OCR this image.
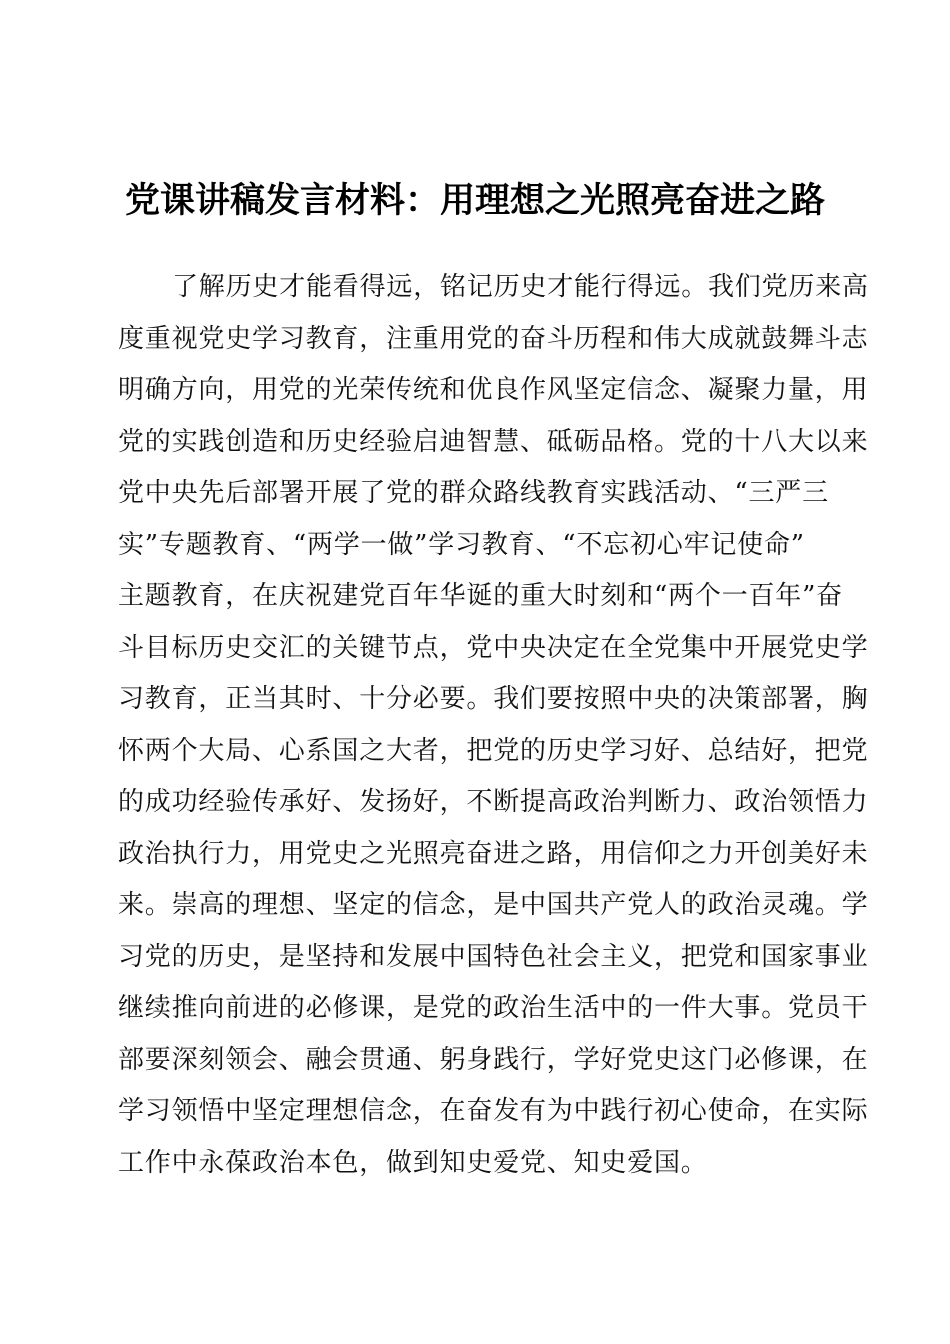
党课讲稿发言材料：用理想之光照亮奋进之路
了解历史才能看得远，铭记历史才能行得远。我们党历来高
度重视党史学习教育，注重用党的奋斗历程和伟大成就鼓舞斗志
明确方向，用党的光荣传统和优良作风坚定信念、凝聚力量，用
党的实践创造和历史经验启迪智慧、砥砺品格。党的十八大以来
党中央先后部署开展了党的群众路线教育实践活动、“三严三
实”专题教育、“两学一做”学习教育、“不忘初心牢记使命”
主题教育，在庆祝建党百年华诞的重大时刻和“两个一百年”奋
斗目标历史交汇的关键节点，党中央决定在全党集中开展党史学
习教育，正当其时、十分必要。我们要按照中央的决策部署，胸
怀两个大局、心系国之大者，把党的历史学习好、总结好，把党
的成功经验传承好、发扬好，不断提高政治判断力、政治领悟力
政治执行力，用党史之光照亮奋进之路，用信仰之力开创美好未
来。崇高的理想、坚定的信念，是中国共产党人的政治灵魂。学
习党的历史，是坚持和发展中国特色社会主义，把党和国家事业
继续推向前进的必修课，是党的政治生活中的一件大事。党员干
部要深刻领会、融会贯通、躬身践行，学好党史这门必修课，在
学习领悟中坚定理想信念，在奋发有为中践行初心使命，在实际
工作中永葆政治本色，做到知史爱党、知史爱国。
